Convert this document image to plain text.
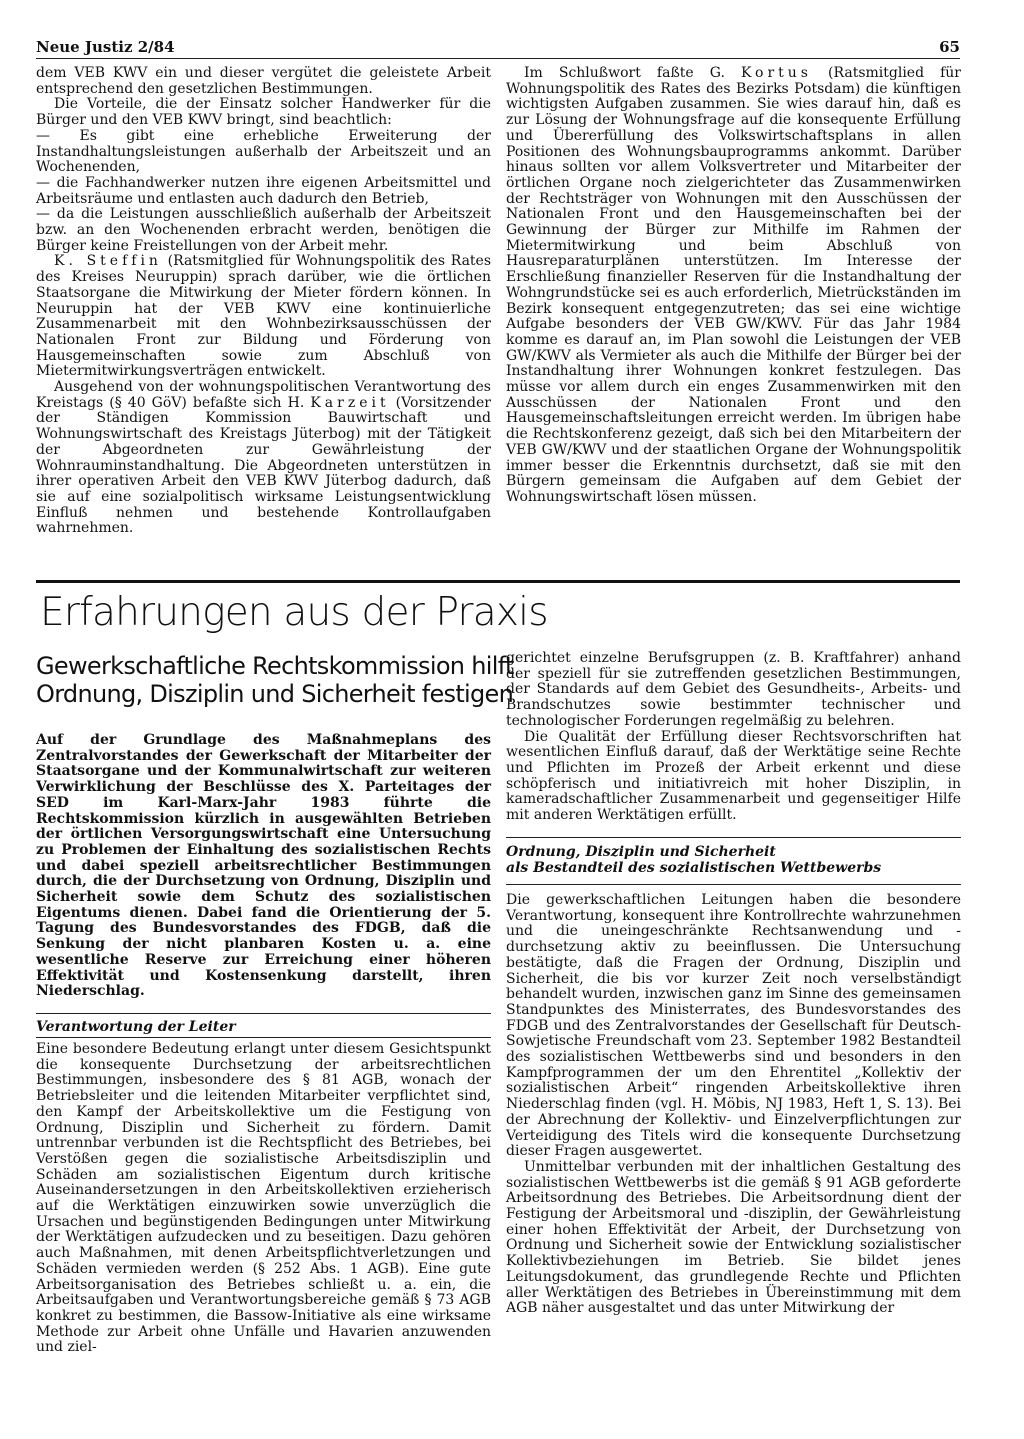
Neue Justiz 2/84	65

dem VEB KWV ein und dieser vergütet die geleistete Arbeit entsprechend den gesetzlichen Bestimmungen.

Die Vorteile, die der Einsatz solcher Handwerker für die Bürger und den VEB KWV bringt, sind beachtlich:

— Es gibt eine erhebliche Erweiterung der Instandhaltungsleistungen außerhalb der Arbeitszeit und an Wochenenden,

— die Fachhandwerker nutzen ihre eigenen Arbeitsmittel und Arbeitsräume und entlasten auch dadurch den Betrieb,

— da die Leistungen ausschließlich außerhalb der Arbeitszeit bzw. an den Wochenenden erbracht werden, benötigen die Bürger keine Freistellungen von der Arbeit mehr.

K. Steffin (Ratsmitglied für Wohnungspolitik des Rates des Kreises Neuruppin) sprach darüber, wie die örtlichen Staatsorgane die Mitwirkung der Mieter fördern können. In Neuruppin hat der VEB KWV eine kontinuierliche Zusammenarbeit mit den Wohnbezirksausschüssen der Nationalen Front zur Bildung und Förderung von Hausgemeinschaften sowie zum Abschluß von Mietermitwirkungsverträgen entwickelt.

Ausgehend von der wohnungspolitischen Verantwortung des Kreistags (§ 40 GöV) befaßte sich H. Karzeit (Vorsitzender der Ständigen Kommission Bauwirtschaft und Wohnungswirtschaft des Kreistags Jüterbog) mit der Tätigkeit der Abgeordneten zur Gewährleistung der Wohnrauminstandhaltung. Die Abgeordneten unterstützen in ihrer operativen Arbeit den VEB KWV Jüterbog dadurch, daß sie auf eine sozialpolitisch wirksame Leistungsentwicklung Einfluß nehmen und bestehende Kontrollaufgaben wahrnehmen.

Im Schlußwort faßte G. Kortus (Ratsmitglied für Wohnungspolitik des Rates des Bezirks Potsdam) die künftigen wichtigsten Aufgaben zusammen. Sie wies darauf hin, daß es zur Lösung der Wohnungsfrage auf die konsequente Erfüllung und Übererfüllung des Volkswirtschaftsplans in allen Positionen des Wohnungsbauprogramms ankommt. Darüber hinaus sollten vor allem Volksvertreter und Mitarbeiter der örtlichen Organe noch zielgerichteter das Zusammenwirken der Rechtsträger von Wohnungen mit den Ausschüssen der Nationalen Front und den Hausgemeinschaften bei der Gewinnung der Bürger zur Mithilfe im Rahmen der Mietermitwirkung und beim Abschluß von Hausreparaturplänen unterstützen. Im Interesse der Erschließung finanzieller Reserven für die Instandhaltung der Wohngrundstücke sei es auch erforderlich, Mietrückständen im Bezirk konsequent entgegenzutreten; das sei eine wichtige Aufgabe besonders der VEB GW/KWV. Für das Jahr 1984 komme es darauf an, im Plan sowohl die Leistungen der VEB GW/KWV als Vermieter als auch die Mithilfe der Bürger bei der Instandhaltung ihrer Wohnungen konkret festzulegen. Das müsse vor allem durch ein enges Zusammenwirken mit den Ausschüssen der Nationalen Front und den Hausgemeinschaftsleitungen erreicht werden. Im übrigen habe die Rechtskonferenz gezeigt, daß sich bei den Mitarbeitern der VEB GW/KWV und der staatlichen Organe der Wohnungspolitik immer besser die Erkenntnis durchsetzt, daß sie mit den Bürgern gemeinsam die Aufgaben auf dem Gebiet der Wohnungswirtschaft lösen müssen.

Erfahrungen aus der Praxis
Gewerkschaftliche Rechtskommission hilft
Ordnung, Disziplin und Sicherheit festigen

Auf der Grundlage des Maßnahmeplans des Zentralvorstandes der Gewerkschaft der Mitarbeiter der Staatsorgane und der Kommunalwirtschaft zur weiteren Verwirklichung der Beschlüsse des X. Parteitages der SED im Karl-Marx-Jahr 1983 führte die Rechtskommission kürzlich in ausgewählten Betrieben der örtlichen Versorgungswirtschaft eine Untersuchung zu Problemen der Einhaltung des sozialistischen Rechts und dabei speziell arbeitsrechtlicher Bestimmungen durch, die der Durchsetzung von Ordnung, Disziplin und Sicherheit sowie dem Schutz des sozialistischen Eigentums dienen. Dabei fand die Orientierung der 5. Tagung des Bundesvorstandes des FDGB, daß die Senkung der nicht planbaren Kosten u. a. eine wesentliche Reserve zur Erreichung einer höheren Effektivität und Kostensenkung darstellt, ihren Niederschlag.

Verantwortung der Leiter

Eine besondere Bedeutung erlangt unter diesem Gesichtspunkt die konsequente Durchsetzung der arbeitsrechtlichen Bestimmungen, insbesondere des § 81 AGB, wonach der Betriebsleiter und die leitenden Mitarbeiter verpflichtet sind, den Kampf der Arbeitskollektive um die Festigung von Ordnung, Disziplin und Sicherheit zu fördern. Damit untrennbar verbunden ist die Rechtspflicht des Betriebes, bei Verstößen gegen die sozialistische Arbeitsdisziplin und Schäden am sozialistischen Eigentum durch kritische Auseinandersetzungen in den Arbeitskollektiven erzieherisch auf die Werktätigen einzuwirken sowie unverzüglich die Ursachen und begünstigenden Bedingungen unter Mitwirkung der Werktätigen aufzudecken und zu beseitigen. Dazu gehören auch Maßnahmen, mit denen Arbeitspflichtverletzungen und Schäden vermieden werden (§ 252 Abs. 1 AGB). Eine gute Arbeitsorganisation des Betriebes schließt u. a. ein, die Arbeitsaufgaben und Verantwortungsbereiche gemäß § 73 AGB konkret zu bestimmen, die Bassow-Initiative als eine wirksame Methode zur Arbeit ohne Unfälle und Havarien anzuwenden und ziel-

gerichtet einzelne Berufsgruppen (z. B. Kraftfahrer) anhand der speziell für sie zutreffenden gesetzlichen Bestimmungen, der Standards auf dem Gebiet des Gesundheits-, Arbeits- und Brandschutzes sowie bestimmter technischer und technologischer Forderungen regelmäßig zu belehren.

Die Qualität der Erfüllung dieser Rechtsvorschriften hat wesentlichen Einfluß darauf, daß der Werktätige seine Rechte und Pflichten im Prozeß der Arbeit erkennt und diese schöpferisch und initiativreich mit hoher Disziplin, in kameradschaftlicher Zusammenarbeit und gegenseitiger Hilfe mit anderen Werktätigen erfüllt.

Ordnung, Disziplin und Sicherheit
als Bestandteil des sozialistischen Wettbewerbs

Die gewerkschaftlichen Leitungen haben die besondere Verantwortung, konsequent ihre Kontrollrechte wahrzunehmen und die uneingeschränkte Rechtsanwendung und -durchsetzung aktiv zu beeinflussen. Die Untersuchung bestätigte, daß die Fragen der Ordnung, Disziplin und Sicherheit, die bis vor kurzer Zeit noch verselbständigt behandelt wurden, inzwischen ganz im Sinne des gemeinsamen Standpunktes des Ministerrates, des Bundesvorstandes des FDGB und des Zentralvorstandes der Gesellschaft für Deutsch-Sowjetische Freundschaft vom 23. September 1982 Bestandteil des sozialistischen Wettbewerbs sind und besonders in den Kampfprogrammen der um den Ehrentitel „Kollektiv der sozialistischen Arbeit“ ringenden Arbeitskollektive ihren Niederschlag finden (vgl. H. Möbis, NJ 1983, Heft 1, S. 13). Bei der Abrechnung der Kollektiv- und Einzelverpflichtungen zur Verteidigung des Titels wird die konsequente Durchsetzung dieser Fragen ausgewertet.

Unmittelbar verbunden mit der inhaltlichen Gestaltung des sozialistischen Wettbewerbs ist die gemäß § 91 AGB geforderte Arbeitsordnung des Betriebes. Die Arbeitsordnung dient der Festigung der Arbeitsmoral und -disziplin, der Gewährleistung einer hohen Effektivität der Arbeit, der Durchsetzung von Ordnung und Sicherheit sowie der Entwicklung sozialistischer Kollektivbeziehungen im Betrieb. Sie bildet jenes Leitungsdokument, das grundlegende Rechte und Pflichten aller Werktätigen des Betriebes in Übereinstimmung mit dem AGB näher ausgestaltet und das unter Mitwirkung der
